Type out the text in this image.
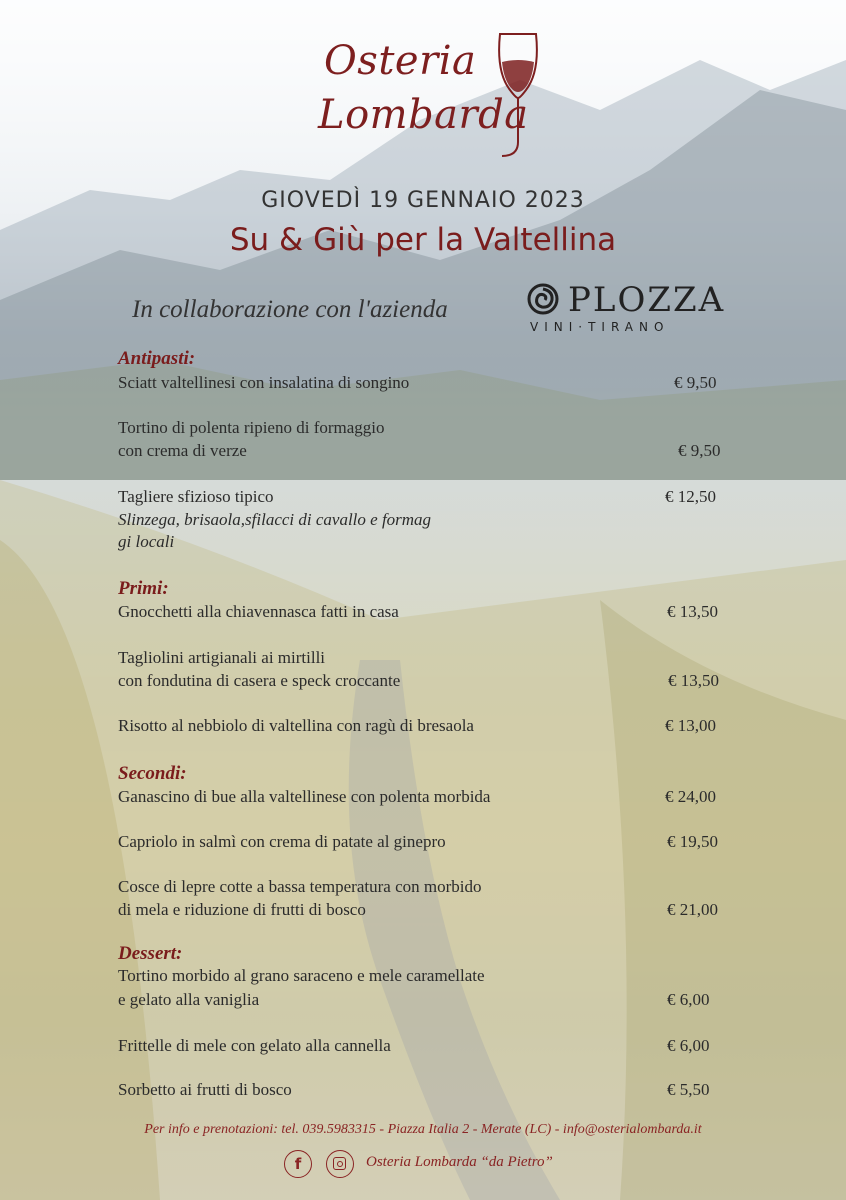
Osteria
Lombarda
GIOVEDÌ 19 GENNAIO 2023
Su & Giù per la Valtellina
In collaborazione con l'azienda	PLOZZA
VINI·TIRANO
Antipasti:
Sciatt valtellinesi con insalatina di songino	€ 9,50
Tortino di polenta ripieno di formaggio
con crema di verze	€ 9,50
Tagliere sfizioso tipico	€ 12,50
Slinzega, brisaola,sfilacci di cavallo e formag
gi locali
Primi:
Gnocchetti alla chiavennasca fatti in casa	€ 13,50
Tagliolini artigianali ai mirtilli
con fondutina di casera e speck croccante	€ 13,50
Risotto al nebbiolo di valtellina con ragù di bresaola	€ 13,00
Secondi:
Ganascino di bue alla valtellinese con polenta morbida	€ 24,00
Capriolo in salmì con crema di patate al ginepro	€ 19,50
Cosce di lepre cotte a bassa temperatura con morbido
di mela e riduzione di frutti di bosco	€ 21,00
Dessert:
Tortino morbido al grano saraceno e mele caramellate
e gelato alla vaniglia	€ 6,00
Frittelle di mele con gelato alla cannella	€ 6,00
Sorbetto ai frutti di bosco	€ 5,50
Per info e prenotazioni: tel. 039.5983315 - Piazza Italia 2 - Merate (LC) - info@osterialombarda.it
f	Osteria Lombarda “da Pietro”
